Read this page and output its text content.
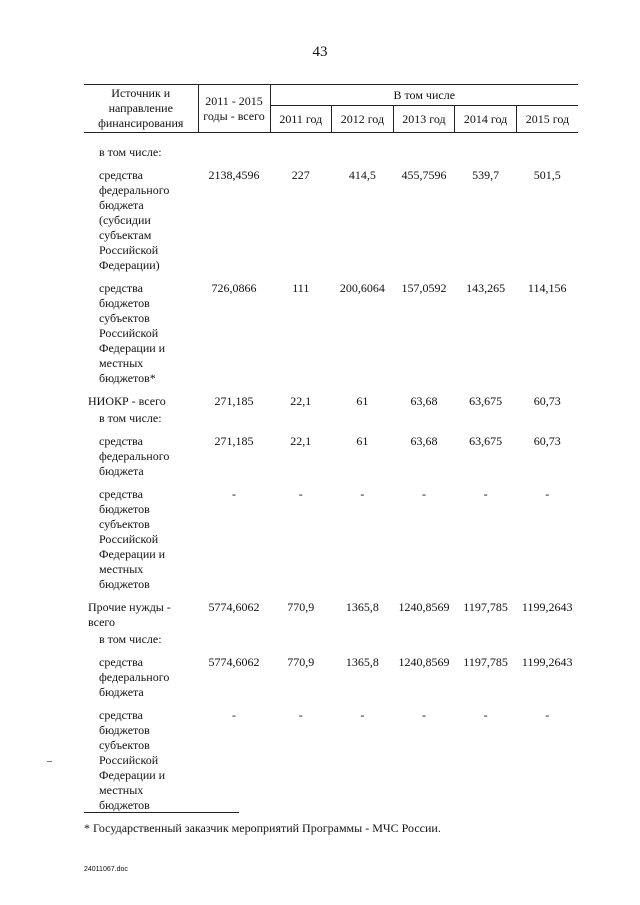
43
Источник и направление финансирования	2011 - 2015 годы - всего	В том числе				
		2011 год	2012 год	2013 год	2014 год	2015 год
в том числе:						
средства федерального бюджета (субсидии субъектам Российской Федерации)	2138,4596	227	414,5	455,7596	539,7	501,5
средства бюджетов субъектов Российской Федерации и местных бюджетов*	726,0866	111	200,6064	157,0592	143,265	114,156
НИОКР - всего	271,185	22,1	61	63,68	63,675	60,73
в том числе:						
средства федерального бюджета	271,185	22,1	61	63,68	63,675	60,73
средства бюджетов субъектов Российской Федерации и местных бюджетов	-	-	-	-	-	-
Прочие нужды - всего	5774,6062	770,9	1365,8	1240,8569	1197,785	1199,2643
в том числе:						
средства федерального бюджета	5774,6062	770,9	1365,8	1240,8569	1197,785	1199,2643
средства бюджетов субъектов Российской Федерации и местных бюджетов	-	-	-	-	-	-
* Государственный заказчик мероприятий Программы - МЧС России.
24011067.doc
